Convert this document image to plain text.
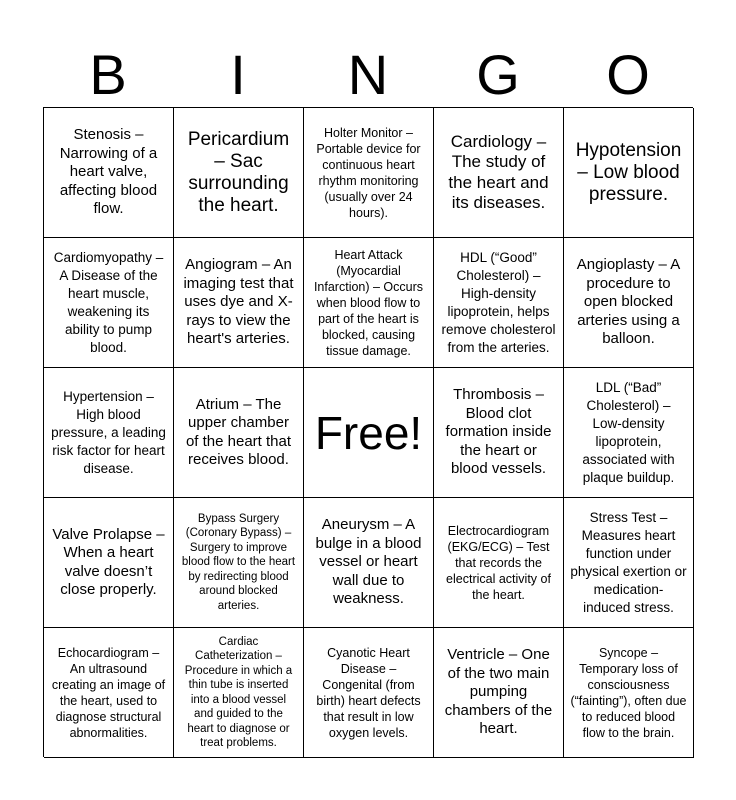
B	I	N	G	O
Stenosis – Narrowing of a heart valve, affecting blood flow.
Pericardium – Sac surrounding the heart.
Holter Monitor – Portable device for continuous heart rhythm monitoring (usually over 24 hours).
Cardiology – The study of the heart and its diseases.
Hypotension – Low blood pressure.
Cardiomyopathy – A Disease of the heart muscle, weakening its ability to pump blood.
Angiogram – An imaging test that uses dye and X-rays to view the heart's arteries.
Heart Attack (Myocardial Infarction) – Occurs when blood flow to part of the heart is blocked, causing tissue damage.
HDL (“Good” Cholesterol) – High-density lipoprotein, helps remove cholesterol from the arteries.
Angioplasty – A procedure to open blocked arteries using a balloon.
Hypertension – High blood pressure, a leading risk factor for heart disease.
Atrium – The upper chamber of the heart that receives blood.
Free!
Thrombosis – Blood clot formation inside the heart or blood vessels.
LDL (“Bad” Cholesterol) – Low-density lipoprotein, associated with plaque buildup.
Valve Prolapse – When a heart valve doesn’t close properly.
Bypass Surgery (Coronary Bypass) – Surgery to improve blood flow to the heart by redirecting blood around blocked arteries.
Aneurysm – A bulge in a blood vessel or heart wall due to weakness.
Electrocardiogram (EKG/ECG) – Test that records the electrical activity of the heart.
Stress Test – Measures heart function under physical exertion or medication-induced stress.
Echocardiogram – An ultrasound creating an image of the heart, used to diagnose structural abnormalities.
Cardiac Catheterization – Procedure in which a thin tube is inserted into a blood vessel and guided to the heart to diagnose or treat problems.
Cyanotic Heart Disease – Congenital (from birth) heart defects that result in low oxygen levels.
Ventricle – One of the two main pumping chambers of the heart.
Syncope – Temporary loss of consciousness (“fainting”), often due to reduced blood flow to the brain.
